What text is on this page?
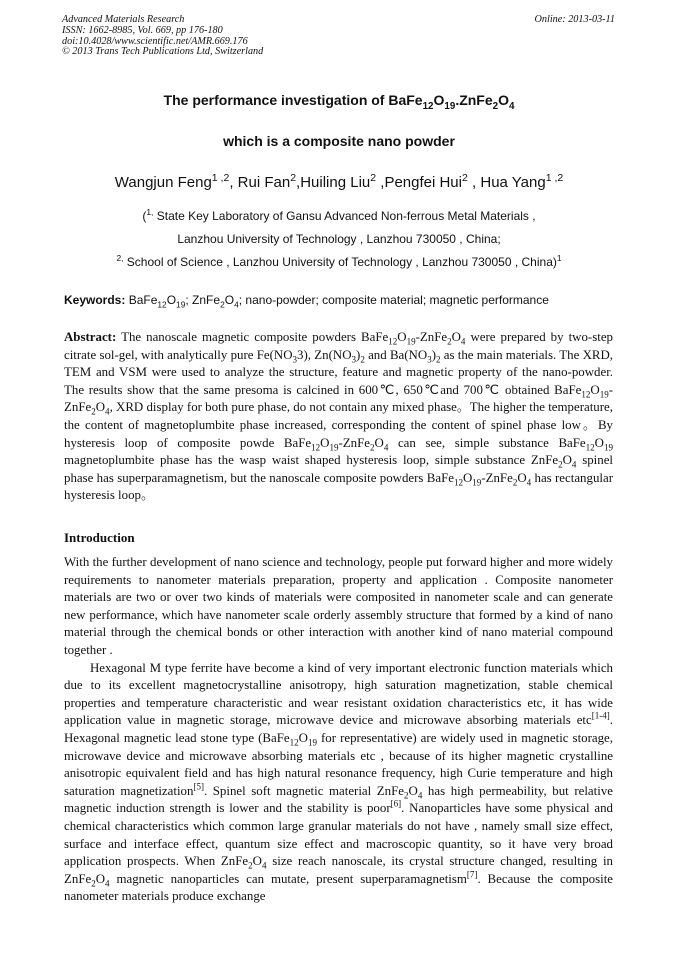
Advanced Materials Research
ISSN: 1662-8985, Vol. 669, pp 176-180
doi:10.4028/www.scientific.net/AMR.669.176
© 2013 Trans Tech Publications Ltd, Switzerland
Online: 2013-03-11
The performance investigation of $BaFe_{12}O_{19}.ZnFe_2O_4$
which is a composite nano powder
Wangjun Feng$^{1 ,2}$, Rui Fan$^2$,Huiling Liu$^2$ ,Pengfei Hui$^2$ , Hua Yang$^{1 ,2}$
($^{1,}$ State Key Laboratory of Gansu Advanced Non-ferrous Metal Materials ,
Lanzhou University of Technology , Lanzhou 730050 , China;
$^{2,}$ School of Science , Lanzhou University of Technology , Lanzhou 730050 , China)$^1$
Keywords: $BaFe_{12}O_{19}$; $ZnFe_2O_4$; nano-powder; composite material; magnetic performance
Abstract: The nanoscale magnetic composite powders $BaFe_{12}O_{19}-ZnFe_2O_4$ were prepared by two-step citrate sol-gel, with analytically pure $Fe(NO_33)$, $Zn(NO_3)_2$ and $Ba(NO_3)_2$ as the main materials. The XRD, TEM and VSM were used to analyze the structure, feature and magnetic property of the nano-powder. The results show that the same presoma is calcined in 600℃, 650℃and 700℃ obtained $BaFe_{12}O_{19}-ZnFe_2O_4$, XRD display for both pure phase, do not contain any mixed phase。The higher the temperature, the content of magnetoplumbite phase increased, corresponding the content of spinel phase low。By hysteresis loop of composite powde $BaFe_{12}O_{19}-ZnFe_2O_4$ can see, simple substance $BaFe_{12}O_{19}$ magnetoplumbite phase has the wasp waist shaped hysteresis loop, simple substance $ZnFe_2O_4$ spinel phase has superparamagnetism, but the nanoscale composite powders $BaFe_{12}O_{19}-ZnFe_2O_4$ has rectangular hysteresis loop。
Introduction

With the further development of nano science and technology, people put forward higher and more widely requirements to nanometer materials preparation, property and application . Composite nanometer materials are two or over two kinds of materials were composited in nanometer scale and can generate new performance, which have nanometer scale orderly assembly structure that formed by a kind of nano material through the chemical bonds or other interaction with another kind of nano material compound together .

Hexagonal M type ferrite have become a kind of very important electronic function materials which due to its excellent magnetocrystalline anisotropy, high saturation magnetization, stable chemical properties and temperature characteristic and wear resistant oxidation characteristics etc, it has wide application value in magnetic storage, microwave device and microwave absorbing materials etc[1-4]. Hexagonal magnetic lead stone type ($BaFe_{12}O_{19}$ for representative) are widely used in magnetic storage, microwave device and microwave absorbing materials etc , because of its higher magnetic crystalline anisotropic equivalent field and has high natural resonance frequency, high Curie temperature and high saturation magnetization[5]. Spinel soft magnetic material $ZnFe_2O_4$ has high permeability, but relative magnetic induction strength is lower and the stability is poor[6]. Nanoparticles have some physical and chemical characteristics which common large granular materials do not have , namely small size effect, surface and interface effect, quantum size effect and macroscopic quantity, so it have very broad application prospects. When $ZnFe_2O_4$ size reach nanoscale, its crystal structure changed, resulting in $ZnFe_2O_4$ magnetic nanoparticles can mutate, present superparamagnetism[7]. Because the composite nanometer materials produce exchange
